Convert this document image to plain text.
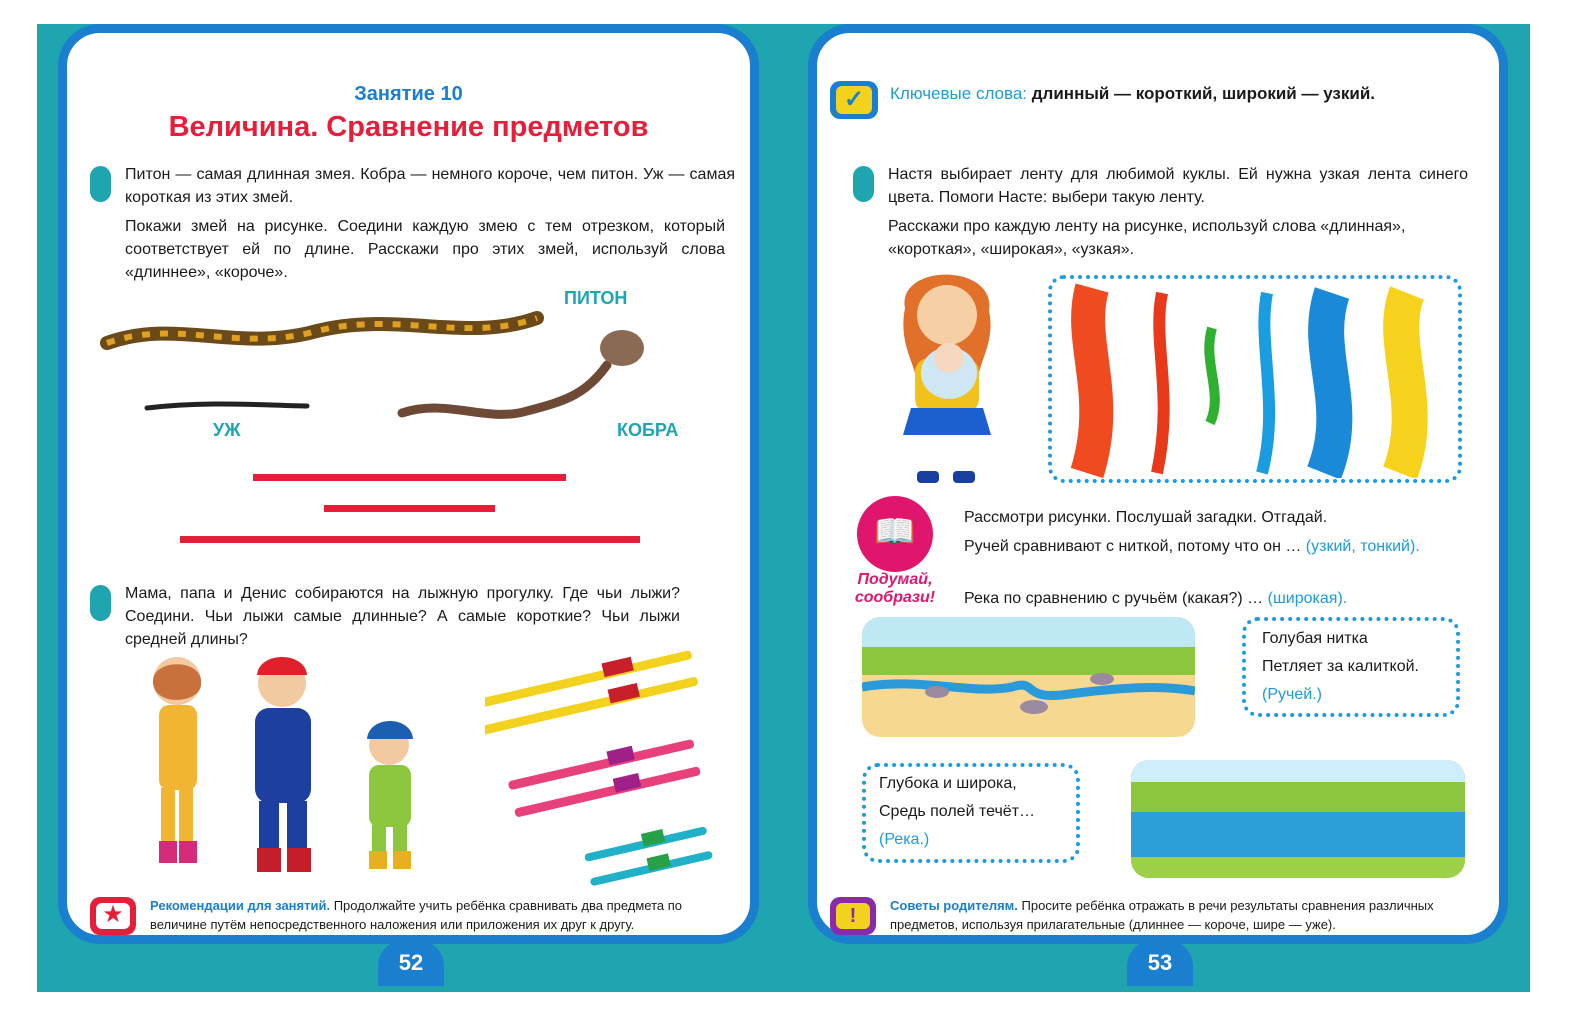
Занятие 10
Величина. Сравнение предметов
Питон — самая длинная змея. Кобра — немного короче, чем питон. Уж — самая короткая из этих змей.
Покажи змей на рисунке. Соедини каждую змею с тем отрезком, который соответствует ей по длине. Расскажи про этих змей, используй слова «длиннее», «короче».
ПИТОН
УЖ	КОБРА
Мама, папа и Денис собираются на лыжную прогулку. Где чьи лыжи? Соедини. Чьи лыжи самые длинные? А самые короткие? Чьи лыжи средней длины?
★	Рекомендации для занятий. Продолжайте учить ребёнка сравнивать два предмета по величине путём непосредственного наложения или приложения их друг к другу.
52
✓	Ключевые слова: длинный — короткий, широкий — узкий.
Настя выбирает ленту для любимой куклы. Ей нужна узкая лента синего цвета. Помоги Насте: выбери такую ленту.
Расскажи про каждую ленту на рисунке, используй слова «длинная», «короткая», «широкая», «узкая».
📖
Подумай,
сообрази!
Рассмотри рисунки. Послушай загадки. Отгадай.
Ручей сравнивают с ниткой, потому что он … (узкий, тонкий).
Река по сравнению с ручьём (какая?) … (широкая).
Голубая нитка
Петляет за калиткой.
(Ручей.)
Глубока и широка,
Средь полей течёт…
(Река.)
!	Советы родителям. Просите ребёнка отражать в речи результаты сравнения различных предметов, используя прилагательные (длиннее — короче, шире — уже).
53
